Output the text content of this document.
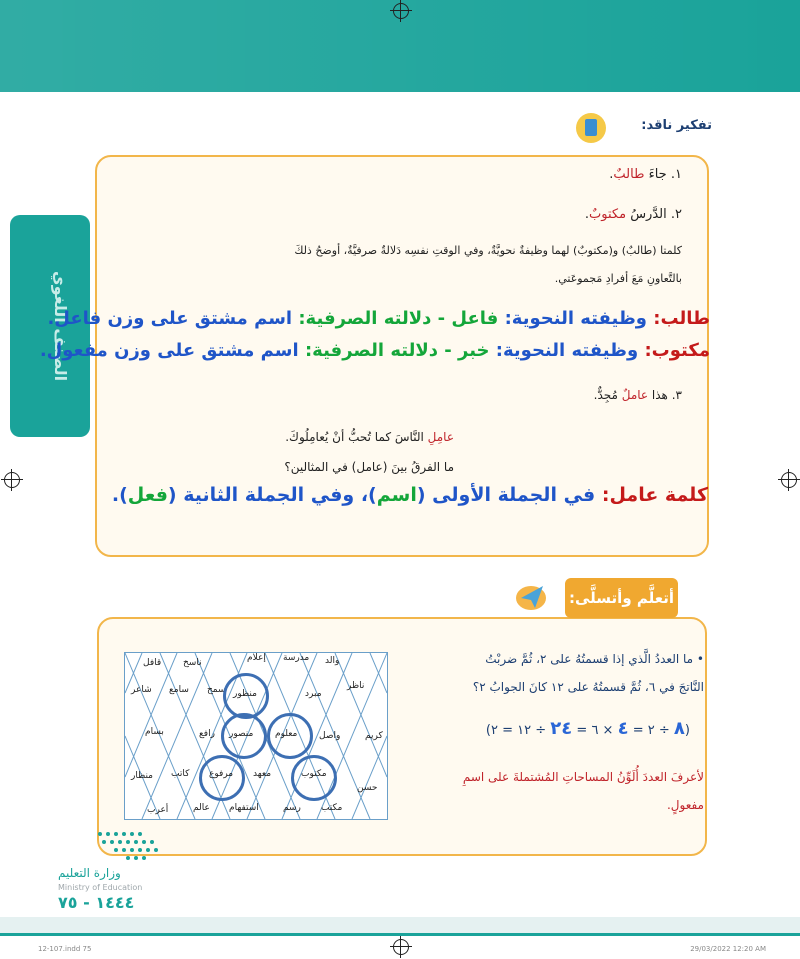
تفكير ناقد:
الصنف اللغوي
١. جاءَ طالبٌ.
٢. الدَّرسُ مكتوبٌ.
كلمتا (طالبٌ) و(مكتوبٌ) لهما وظيفةٌ نحويَّةٌ، وفي الوقتِ نفسِه دَلالةٌ صرفيَّةٌ، أوضحُ ذلكَ
بالتَّعاونِ مَعَ أفرادِ مَجموعَتي.
طالب: وظيفته النحوية: فاعل - دلالته الصرفية: اسم مشتق على وزن فاعل.
مكتوب: وظيفته النحوية: خبر - دلالته الصرفية: اسم مشتق على وزن مفعول.
٣. هذا عاملٌ مُجِدٌّ.
عامِلِ النَّاسَ كما تُحبُّ أنْ يُعامِلُوكَ.
ما الفرقُ بينَ (عامل) في المثالين؟
كلمة عامل: في الجملة الأولى (اسم)، وفي الجملة الثانية (فعل).
أتعلَّم وأتسلَّى:
والد
مدرسة
إعلام
ناسخ
قافل
ناظر
مبرد
منظور
سمح
سامع
شاعر
كريم
واصل
معلوم
منصور
رافع
بسام
حسن
مكتوب
معهد
مرفوع
كاتب
منظار
مكتب
رسم
استفهام
عالم
أعرب
• ما العددُ الَّذي إذا قسمتُهُ على ٢، ثُمَّ ضربْتُ
النَّاتجَ في ٦، ثُمَّ قسمتُهُ على ١٢ كانَ الجوابُ ٢؟
(٨ ÷ ٢ = ٤ × ٦ = ٢٤ ÷ ١٢ = ٢)
لأعرفَ العددَ أُلَوِّنُ المساحاتِ المُشتملةَ على اسمِ
مفعولٍ.
وزارة التعليم
Ministry of Education
١٤٤٤ - ٧٥
12-107.indd 75	29/03/2022 12:20 AM
